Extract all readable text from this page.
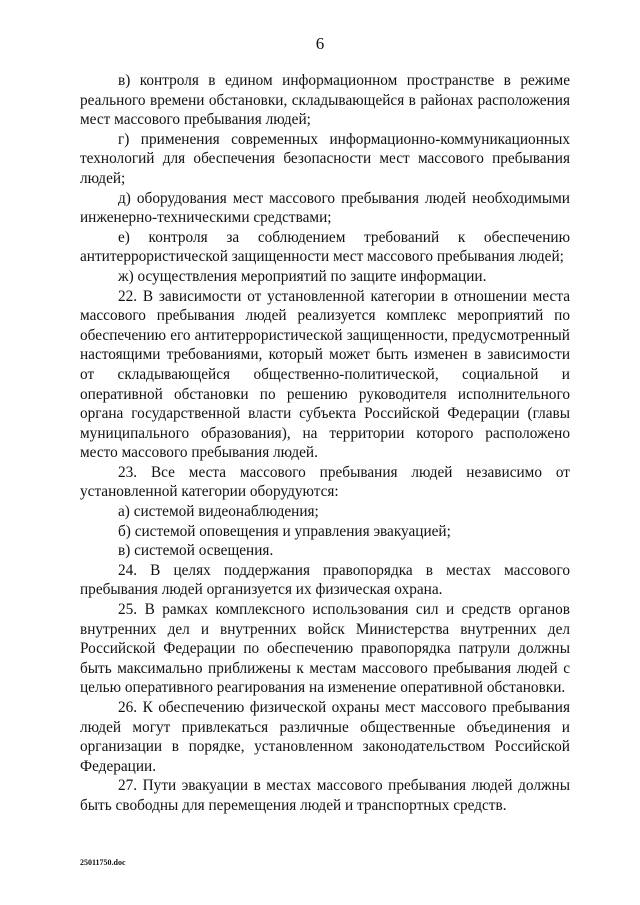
6

в) контроля в едином информационном пространстве в режиме реального времени обстановки, складывающейся в районах расположения мест массового пребывания людей;

г) применения современных информационно-коммуникационных технологий для обеспечения безопасности мест массового пребывания людей;

д) оборудования мест массового пребывания людей необходимыми инженерно-техническими средствами;

е) контроля за соблюдением требований к обеспечению антитеррористической защищенности мест массового пребывания людей;

ж) осуществления мероприятий по защите информации.

22. В зависимости от установленной категории в отношении места массового пребывания людей реализуется комплекс мероприятий по обеспечению его антитеррористической защищенности, предусмотренный настоящими требованиями, который может быть изменен в зависимости от складывающейся общественно-политической, социальной и оперативной обстановки по решению руководителя исполнительного органа государственной власти субъекта Российской Федерации (главы муниципального образования), на территории которого расположено место массового пребывания людей.

23. Все места массового пребывания людей независимо от установленной категории оборудуются:

а) системой видеонаблюдения;

б) системой оповещения и управления эвакуацией;

в) системой освещения.

24. В целях поддержания правопорядка в местах массового пребывания людей организуется их физическая охрана.

25. В рамках комплексного использования сил и средств органов внутренних дел и внутренних войск Министерства внутренних дел Российской Федерации по обеспечению правопорядка патрули должны быть максимально приближены к местам массового пребывания людей с целью оперативного реагирования на изменение оперативной обстановки.

26. К обеспечению физической охраны мест массового пребывания людей могут привлекаться различные общественные объединения и организации в порядке, установленном законодательством Российской Федерации.

27. Пути эвакуации в местах массового пребывания людей должны быть свободны для перемещения людей и транспортных средств.

25011750.doc
